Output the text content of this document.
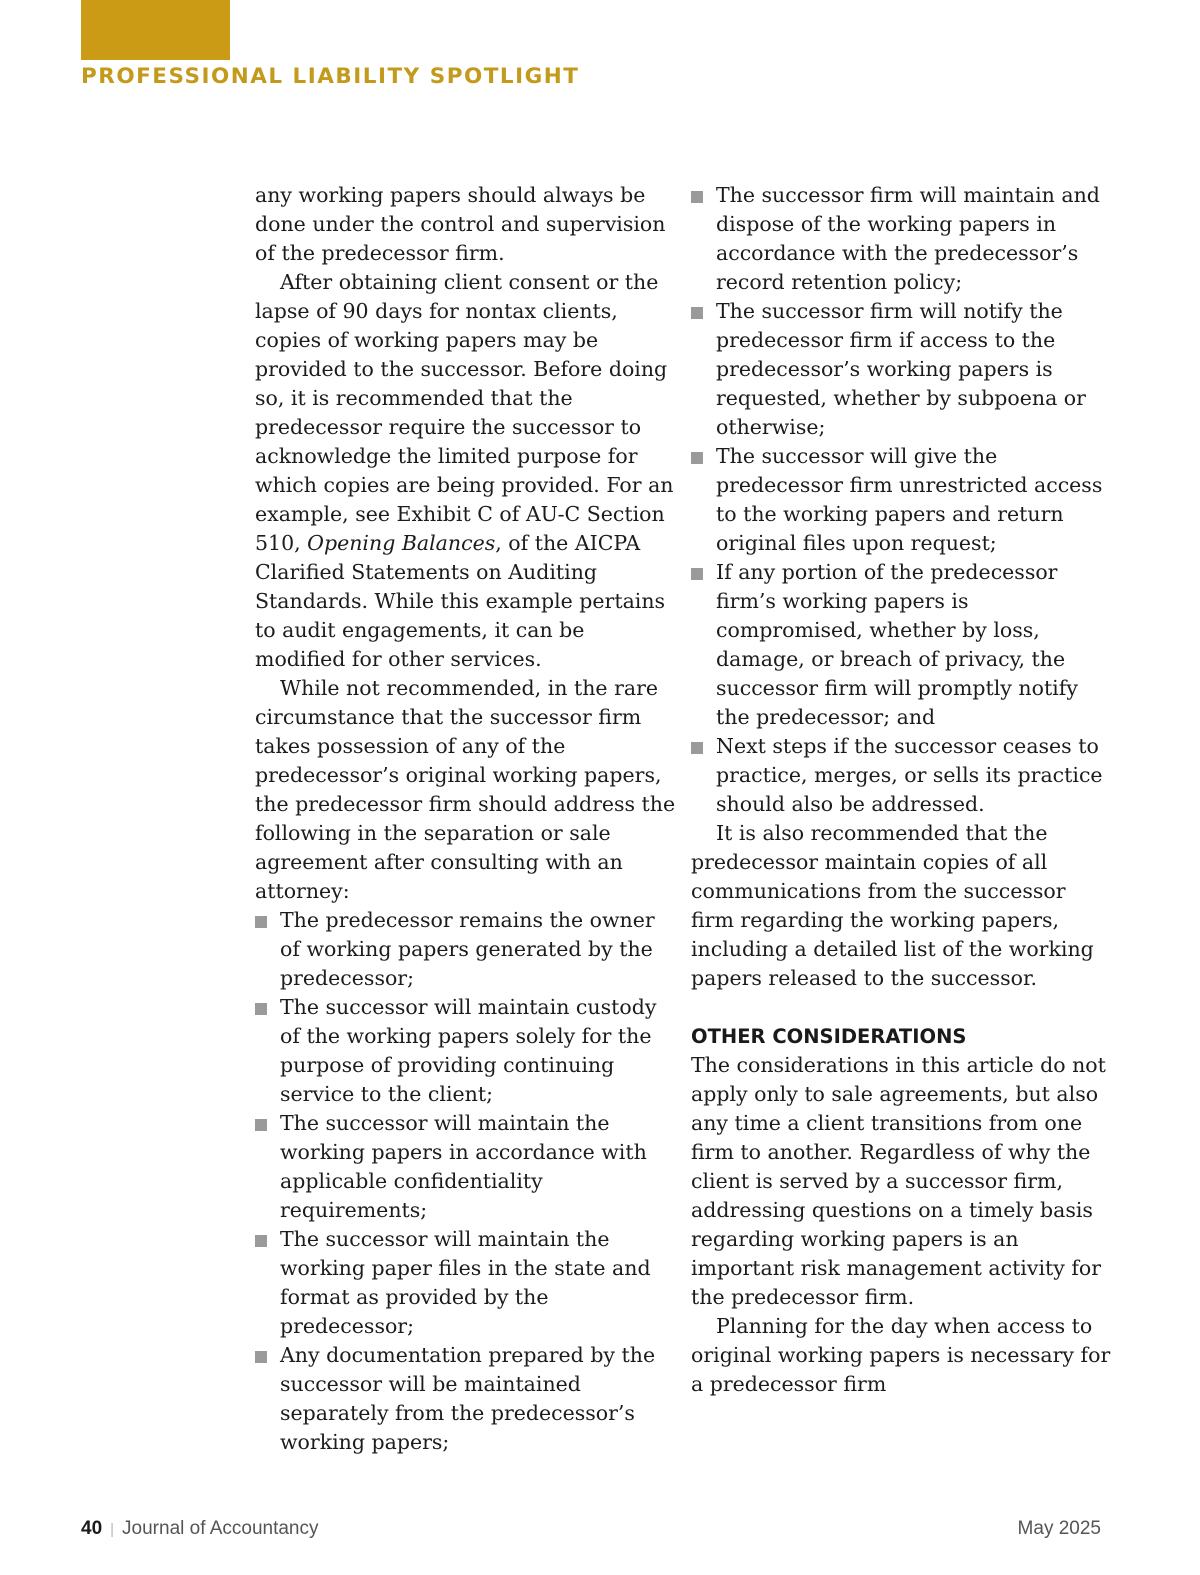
PROFESSIONAL LIABILITY SPOTLIGHT

any working papers should always be done under the control and supervision of the predecessor firm.

After obtaining client consent or the lapse of 90 days for nontax clients, copies of working papers may be provided to the successor. Before doing so, it is recommended that the predecessor require the successor to acknowledge the limited purpose for which copies are being provided. For an example, see Exhibit C of AU-C Section 510, Opening Balances, of the AICPA Clarified Statements on Auditing Standards. While this example pertains to audit engagements, it can be modified for other services.

While not recommended, in the rare circumstance that the successor firm takes possession of any of the predecessor’s original working papers, the predecessor firm should address the following in the separation or sale agreement after consulting with an attorney:

The predecessor remains the owner of working papers generated by the predecessor;
The successor will maintain custody of the working papers solely for the purpose of providing continuing service to the client;
The successor will maintain the working papers in accordance with applicable confidentiality requirements;
The successor will maintain the working paper files in the state and format as provided by the predecessor;
Any documentation prepared by the successor will be maintained separately from the predecessor’s working papers;
The successor firm will maintain and dispose of the working papers in accordance with the predecessor’s record retention policy;
The successor firm will notify the predecessor firm if access to the predecessor’s working papers is requested, whether by subpoena or otherwise;
The successor will give the predecessor firm unrestricted access to the working papers and return original files upon request;
If any portion of the predecessor firm’s working papers is compromised, whether by loss, damage, or breach of privacy, the successor firm will promptly notify the predecessor; and
Next steps if the successor ceases to practice, merges, or sells its practice should also be addressed.

It is also recommended that the predecessor maintain copies of all communications from the successor firm regarding the working papers, including a detailed list of the working papers released to the successor.

OTHER CONSIDERATIONS

The considerations in this article do not apply only to sale agreements, but also any time a client transitions from one firm to another. Regardless of why the client is served by a successor firm, addressing questions on a timely basis regarding working papers is an important risk management activity for the predecessor firm.

Planning for the day when access to original working papers is necessary for a predecessor firm

40 | Journal of Accountancy	May 2025
